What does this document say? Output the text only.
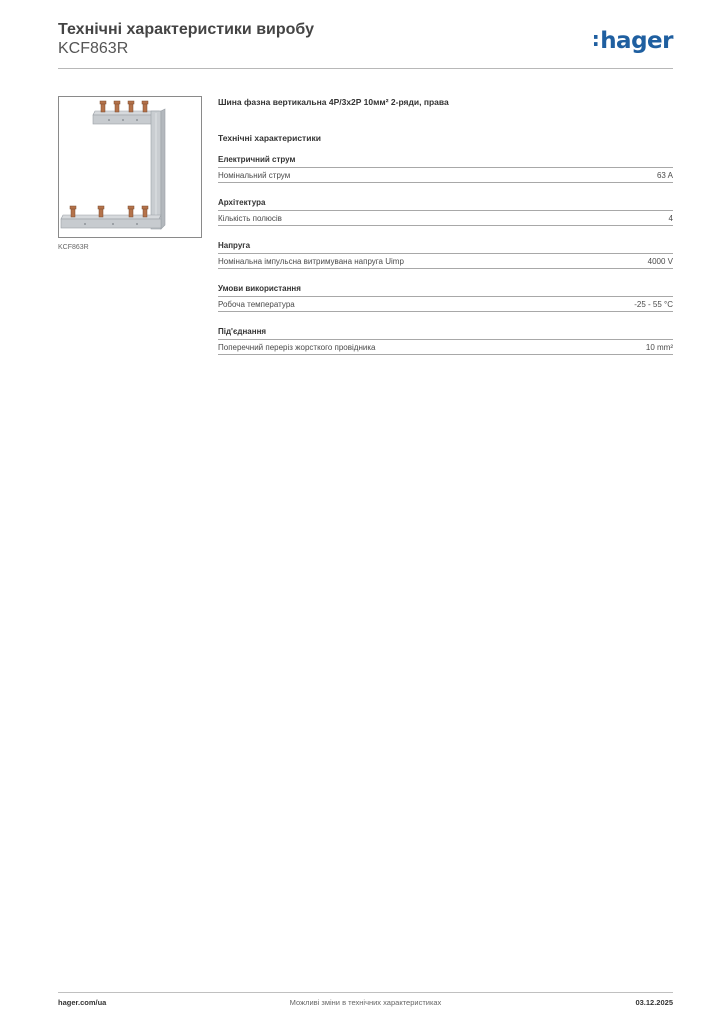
Технічні характеристики виробу
KCF863R	:hager
KCF863R
Шина фазна вертикальна 4P/3x2P 10мм² 2-ряди, права
Технічні характеристики
Електричний струм
Номінальний струм	63 A
Архітектура
Кількість полюсів	4
Напруга
Номінальна імпульсна витримувана напруга Uimp	4000 V
Умови використання
Робоча температура	-25 - 55 °C
Під'єднання
Поперечний переріз жорсткого провідника	10 mm²
hager.com/ua	Можливі зміни в технічних характеристиках	03.12.2025
